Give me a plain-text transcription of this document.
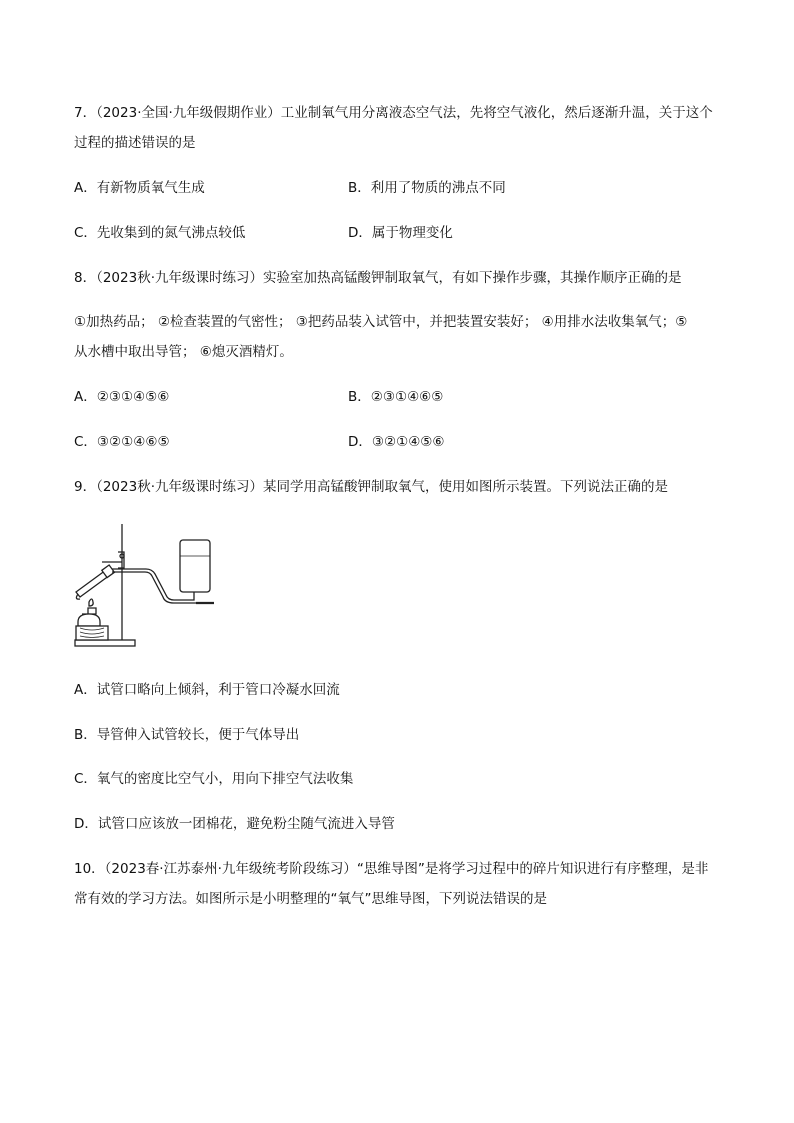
7．（2023·全国·九年级假期作业）工业制氧气用分离液态空气法，先将空气液化，然后逐渐升温，关于这个
过程的描述错误的是
A．有新物质氧气生成	B．利用了物质的沸点不同
C．先收集到的氮气沸点较低	D．属于物理变化
8．（2023秋·九年级课时练习）实验室加热高锰酸钾制取氧气，有如下操作步骤，其操作顺序正确的是
①加热药品； ②检查装置的气密性； ③把药品装入试管中，并把装置安装好； ④用排水法收集氧气；⑤
从水槽中取出导管； ⑥熄灭酒精灯。
A．②③①④⑤⑥	B．②③①④⑥⑤
C．③②①④⑥⑤	D．③②①④⑤⑥
9．（2023秋·九年级课时练习）某同学用高锰酸钾制取氧气，使用如图所示装置。下列说法正确的是
A．试管口略向上倾斜，利于管口冷凝水回流
B．导管伸入试管较长，便于气体导出
C．氧气的密度比空气小，用向下排空气法收集
D．试管口应该放一团棉花，避免粉尘随气流进入导管
10．（2023春·江苏泰州·九年级统考阶段练习）“思维导图”是将学习过程中的碎片知识进行有序整理，是非
常有效的学习方法。如图所示是小明整理的“氧气”思维导图，下列说法错误的是
